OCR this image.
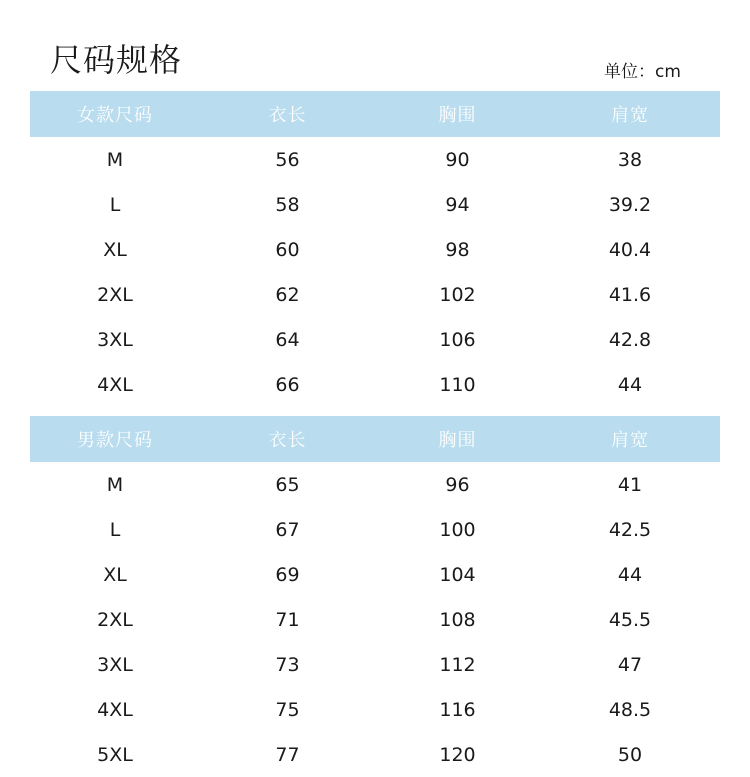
尺码规格	单位：cm
女款尺码	衣长	胸围	肩宽
M	56	90	38
L	58	94	39.2
XL	60	98	40.4
2XL	62	102	41.6
3XL	64	106	42.8
4XL	66	110	44
男款尺码	衣长	胸围	肩宽
M	65	96	41
L	67	100	42.5
XL	69	104	44
2XL	71	108	45.5
3XL	73	112	47
4XL	75	116	48.5
5XL	77	120	50
